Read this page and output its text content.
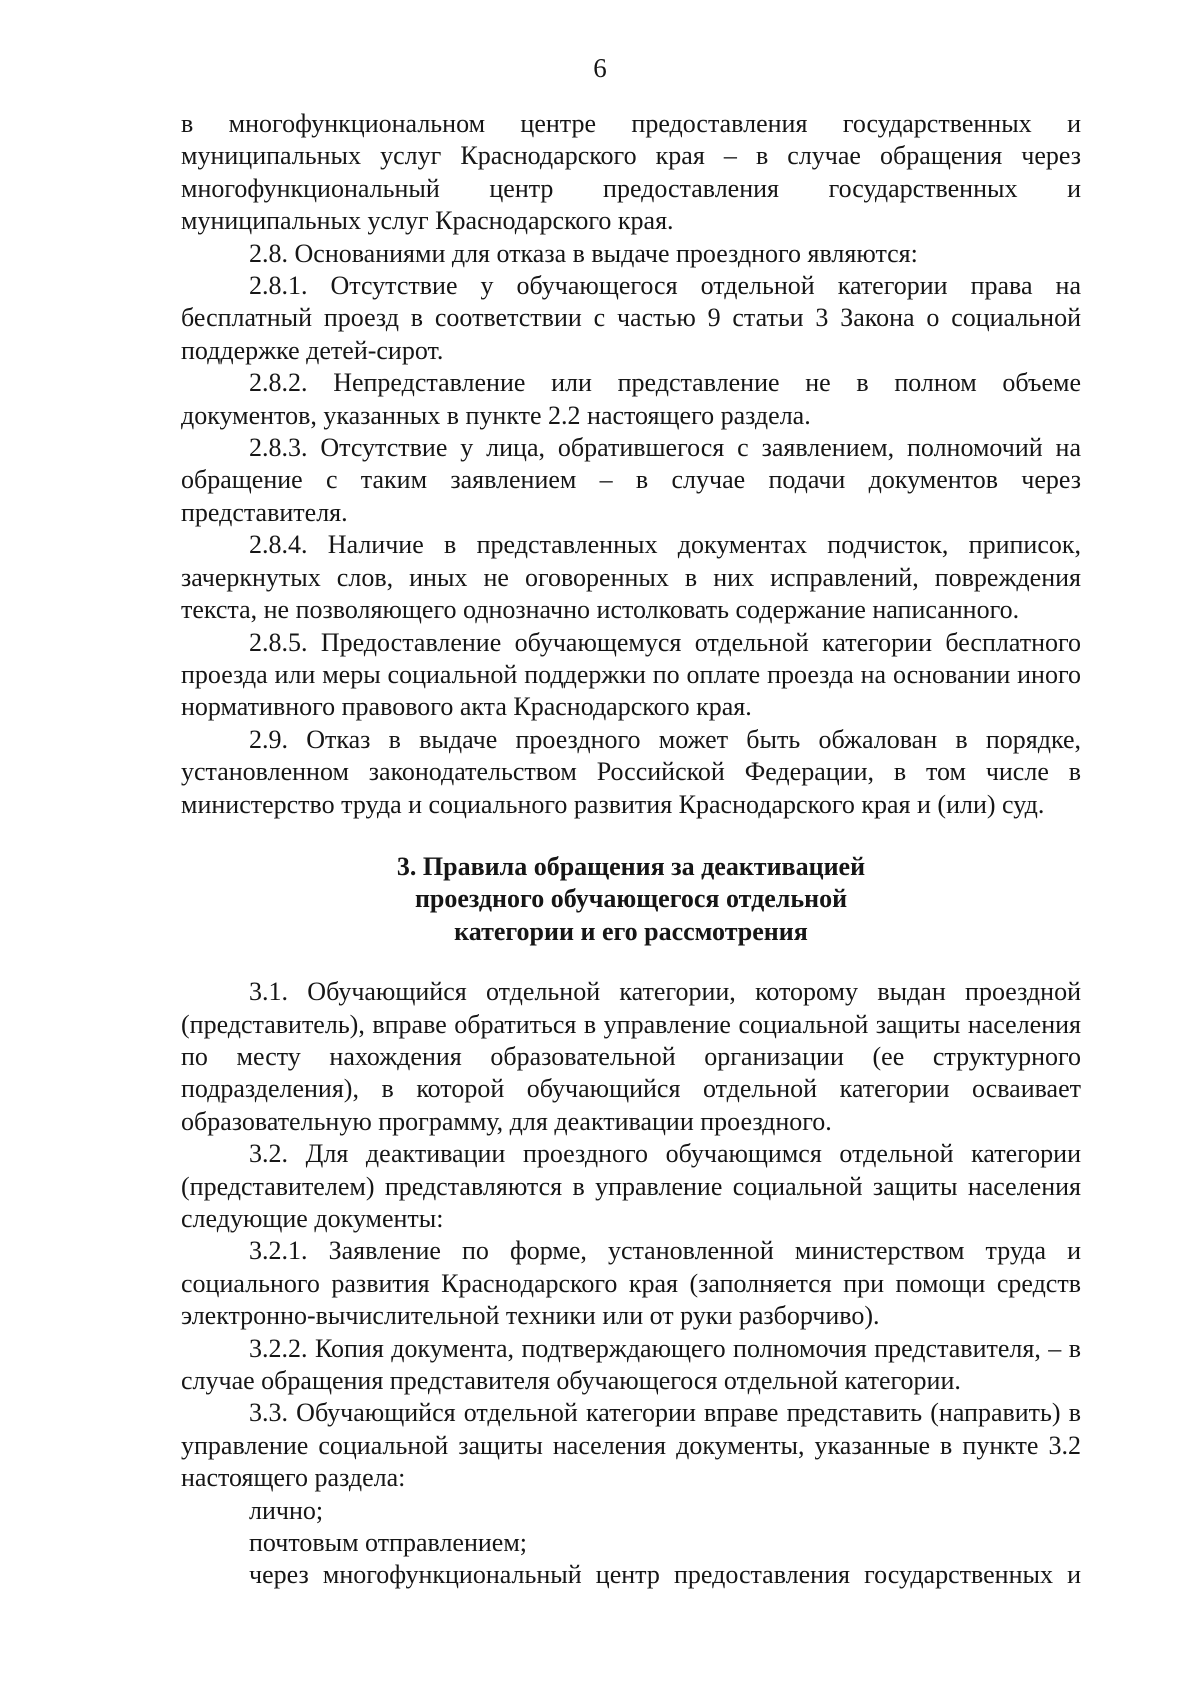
6

в многофункциональном центре предоставления государственных и муниципальных услуг Краснодарского края – в случае обращения через многофункциональный центр предоставления государственных и муниципальных услуг Краснодарского края.

2.8. Основаниями для отказа в выдаче проездного являются:

2.8.1. Отсутствие у обучающегося отдельной категории права на бесплатный проезд в соответствии с частью 9 статьи 3 Закона о социальной поддержке детей-сирот.

2.8.2. Непредставление или представление не в полном объеме документов, указанных в пункте 2.2 настоящего раздела.

2.8.3. Отсутствие у лица, обратившегося с заявлением, полномочий на обращение с таким заявлением – в случае подачи документов через представителя.

2.8.4. Наличие в представленных документах подчисток, приписок, зачеркнутых слов, иных не оговоренных в них исправлений, повреждения текста, не позволяющего однозначно истолковать содержание написанного.

2.8.5. Предоставление обучающемуся отдельной категории бесплатного проезда или меры социальной поддержки по оплате проезда на основании иного нормативного правового акта Краснодарского края.

2.9. Отказ в выдаче проездного может быть обжалован в порядке, установленном законодательством Российской Федерации, в том числе в министерство труда и социального развития Краснодарского края и (или) суд.

3. Правила обращения за деактивацией
проездного обучающегося отдельной
категории и его рассмотрения

3.1. Обучающийся отдельной категории, которому выдан проездной (представитель), вправе обратиться в управление социальной защиты населения по месту нахождения образовательной организации (ее структурного подразделения), в которой обучающийся отдельной категории осваивает образовательную программу, для деактивации проездного.

3.2. Для деактивации проездного обучающимся отдельной категории (представителем) представляются в управление социальной защиты населения следующие документы:

3.2.1. Заявление по форме, установленной министерством труда и социального развития Краснодарского края (заполняется при помощи средств электронно-вычислительной техники или от руки разборчиво).

3.2.2. Копия документа, подтверждающего полномочия представителя, – в случае обращения представителя обучающегося отдельной категории.

3.3. Обучающийся отдельной категории вправе представить (направить) в управление социальной защиты населения документы, указанные в пункте 3.2 настоящего раздела:

лично;

почтовым отправлением;

через многофункциональный центр предоставления государственных и
